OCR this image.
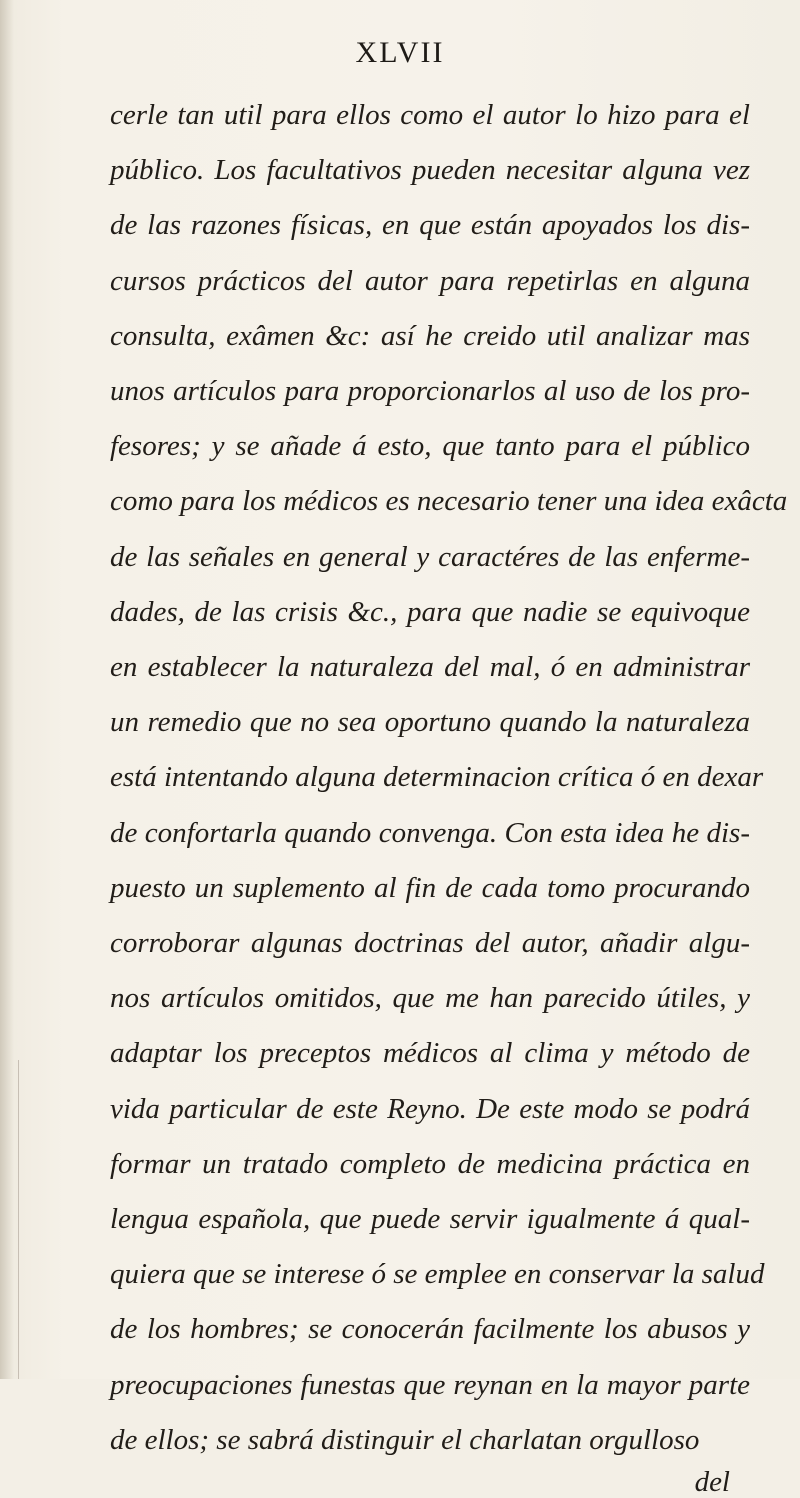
XLVII
cerle tan util para ellos como el autor lo hizo para el
público. Los facultativos pueden necesitar alguna vez
de las razones físicas, en que están apoyados los dis-
cursos prácticos del autor para repetirlas en alguna
consulta, exâmen &c: así he creido util analizar mas
unos artículos para proporcionarlos al uso de los pro-
fesores; y se añade á esto, que tanto para el público
como para los médicos es necesario tener una idea exâcta
de las señales en general y caractéres de las enferme-
dades, de las crisis &c., para que nadie se equivoque
en establecer la naturaleza del mal, ó en administrar
un remedio que no sea oportuno quando la naturaleza
está intentando alguna determinacion crítica ó en dexar
de confortarla quando convenga. Con esta idea he dis-
puesto un suplemento al fin de cada tomo procurando
corroborar algunas doctrinas del autor, añadir algu-
nos artículos omitidos, que me han parecido útiles, y
adaptar los preceptos médicos al clima y método de
vida particular de este Reyno. De este modo se podrá
formar un tratado completo de medicina práctica en
lengua española, que puede servir igualmente á qual-
quiera que se interese ó se emplee en conservar la salud
de los hombres; se conocerán facilmente los abusos y
preocupaciones funestas que reynan en la mayor parte
de ellos; se sabrá distinguir el charlatan orgulloso
del
